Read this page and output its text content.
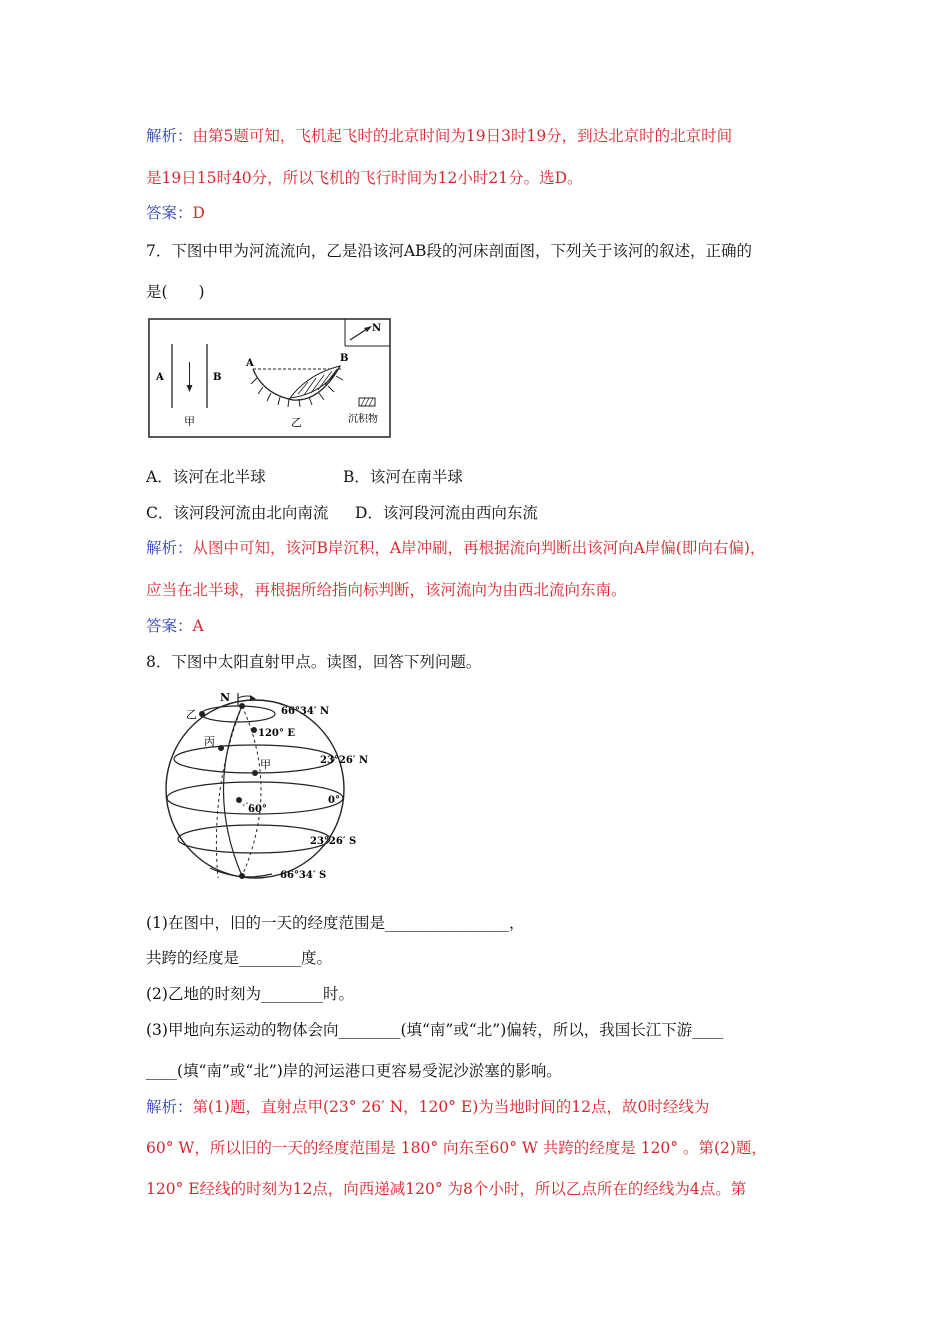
解析：由第5题可知，飞机起飞时的北京时间为19日3时19分，到达北京时的北京时间
是19日15时40分，所以飞机的飞行时间为12小时21分。选D。
答案：D
7．下图中甲为河流流向，乙是沿该河AB段的河床剖面图，下列关于该河的叙述，正确的
是(　　)
N
A	B
甲
A	B
乙	沉积物
A．该河在北半球	B．该河在南半球
C．该河段河流由北向南流 D．该河段河流由西向东流
解析：从图中可知，该河B岸沉积，A岸冲刷，再根据流向判断出该河向A岸偏(即向右偏)，
应当在北半球，再根据所给指向标判断，该河流向为由西北流向东南。
答案：A
8．下图中太阳直射甲点。读图，回答下列问题。
N
乙
丙
甲
66°34′ N
120° E
23°26′ N
0°
60°
23°26′ S
66°34′ S
(1)在图中，旧的一天的经度范围是________________，
共跨的经度是________度。
(2)乙地的时刻为________时。
(3)甲地向东运动的物体会向________(填“南”或“北”)偏转，所以，我国长江下游____
____(填“南”或“北”)岸的河运港口更容易受泥沙淤塞的影响。
解析：第(1)题，直射点甲(23° 26′ N，120° E)为当地时间的12点，故0时经线为
60° W，所以旧的一天的经度范围是 180° 向东至60° W 共跨的经度是 120° 。第(2)题，
120° E经线的时刻为12点，向西递减120° 为8个小时，所以乙点所在的经线为4点。第
